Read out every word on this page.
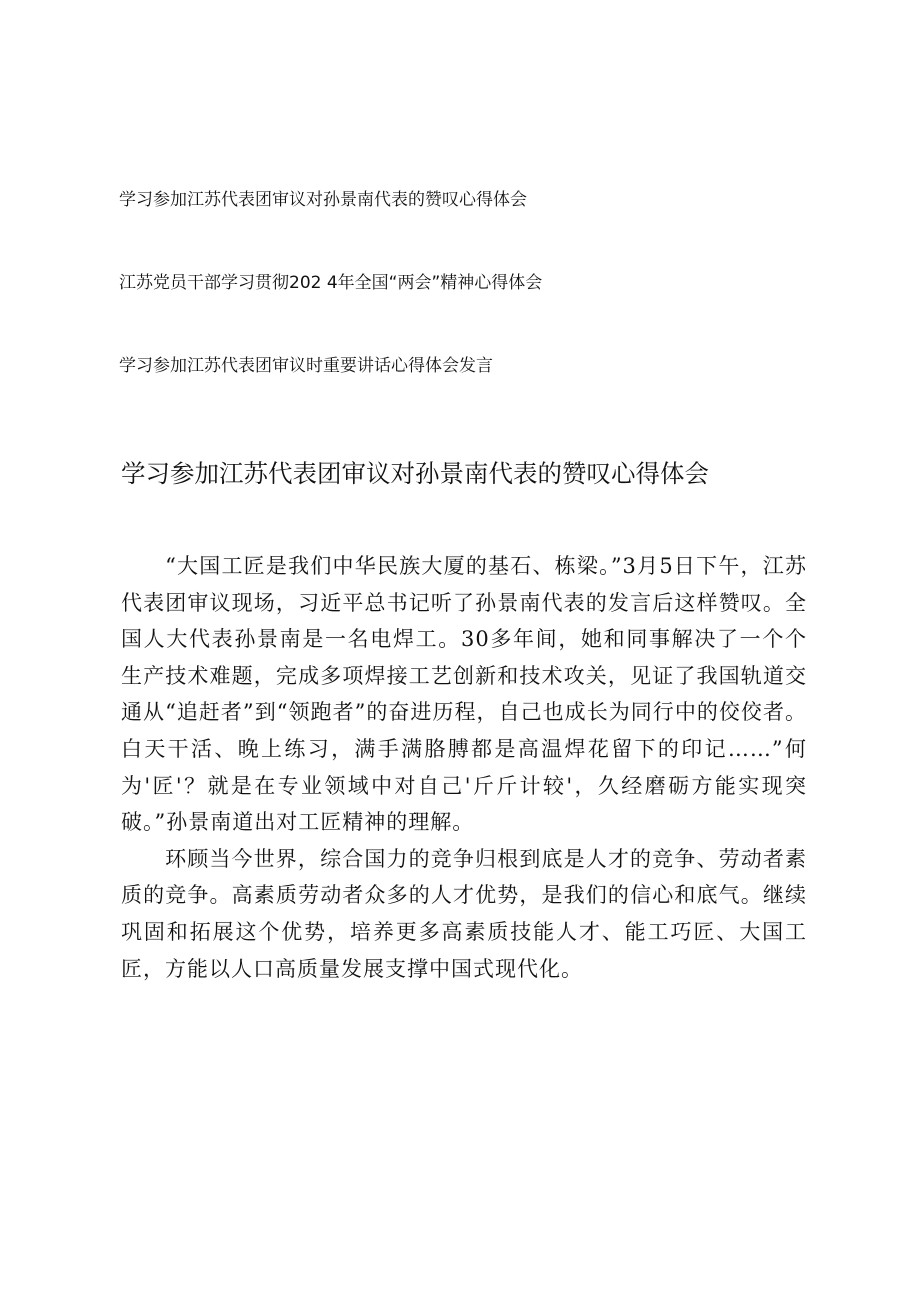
学习参加江苏代表团审议对孙景南代表的赞叹心得体会
江苏党员干部学习贯彻202 4年全国“两会”精神心得体会
学习参加江苏代表团审议时重要讲话心得体会发言
学习参加江苏代表团审议对孙景南代表的赞叹心得体会

“大国工匠是我们中华民族大厦的基石、栋梁。”3月5日下午，江苏代表团审议现场，习近平总书记听了孙景南代表的发言后这样赞叹。全国人大代表孙景南是一名电焊工。30多年间，她和同事解决了一个个生产技术难题，完成多项焊接工艺创新和技术攻关，见证了我国轨道交通从“追赶者”到“领跑者”的奋进历程，自己也成长为同行中的佼佼者。白天干活、晚上练习，满手满胳膊都是高温焊花留下的印记……”何为'匠'？就是在专业领域中对自己'斤斤计较'，久经磨砺方能实现突破。”孙景南道出对工匠精神的理解。

环顾当今世界，综合国力的竞争归根到底是人才的竞争、劳动者素质的竞争。高素质劳动者众多的人才优势，是我们的信心和底气。继续巩固和拓展这个优势，培养更多高素质技能人才、能工巧匠、大国工匠，方能以人口高质量发展支撑中国式现代化。
